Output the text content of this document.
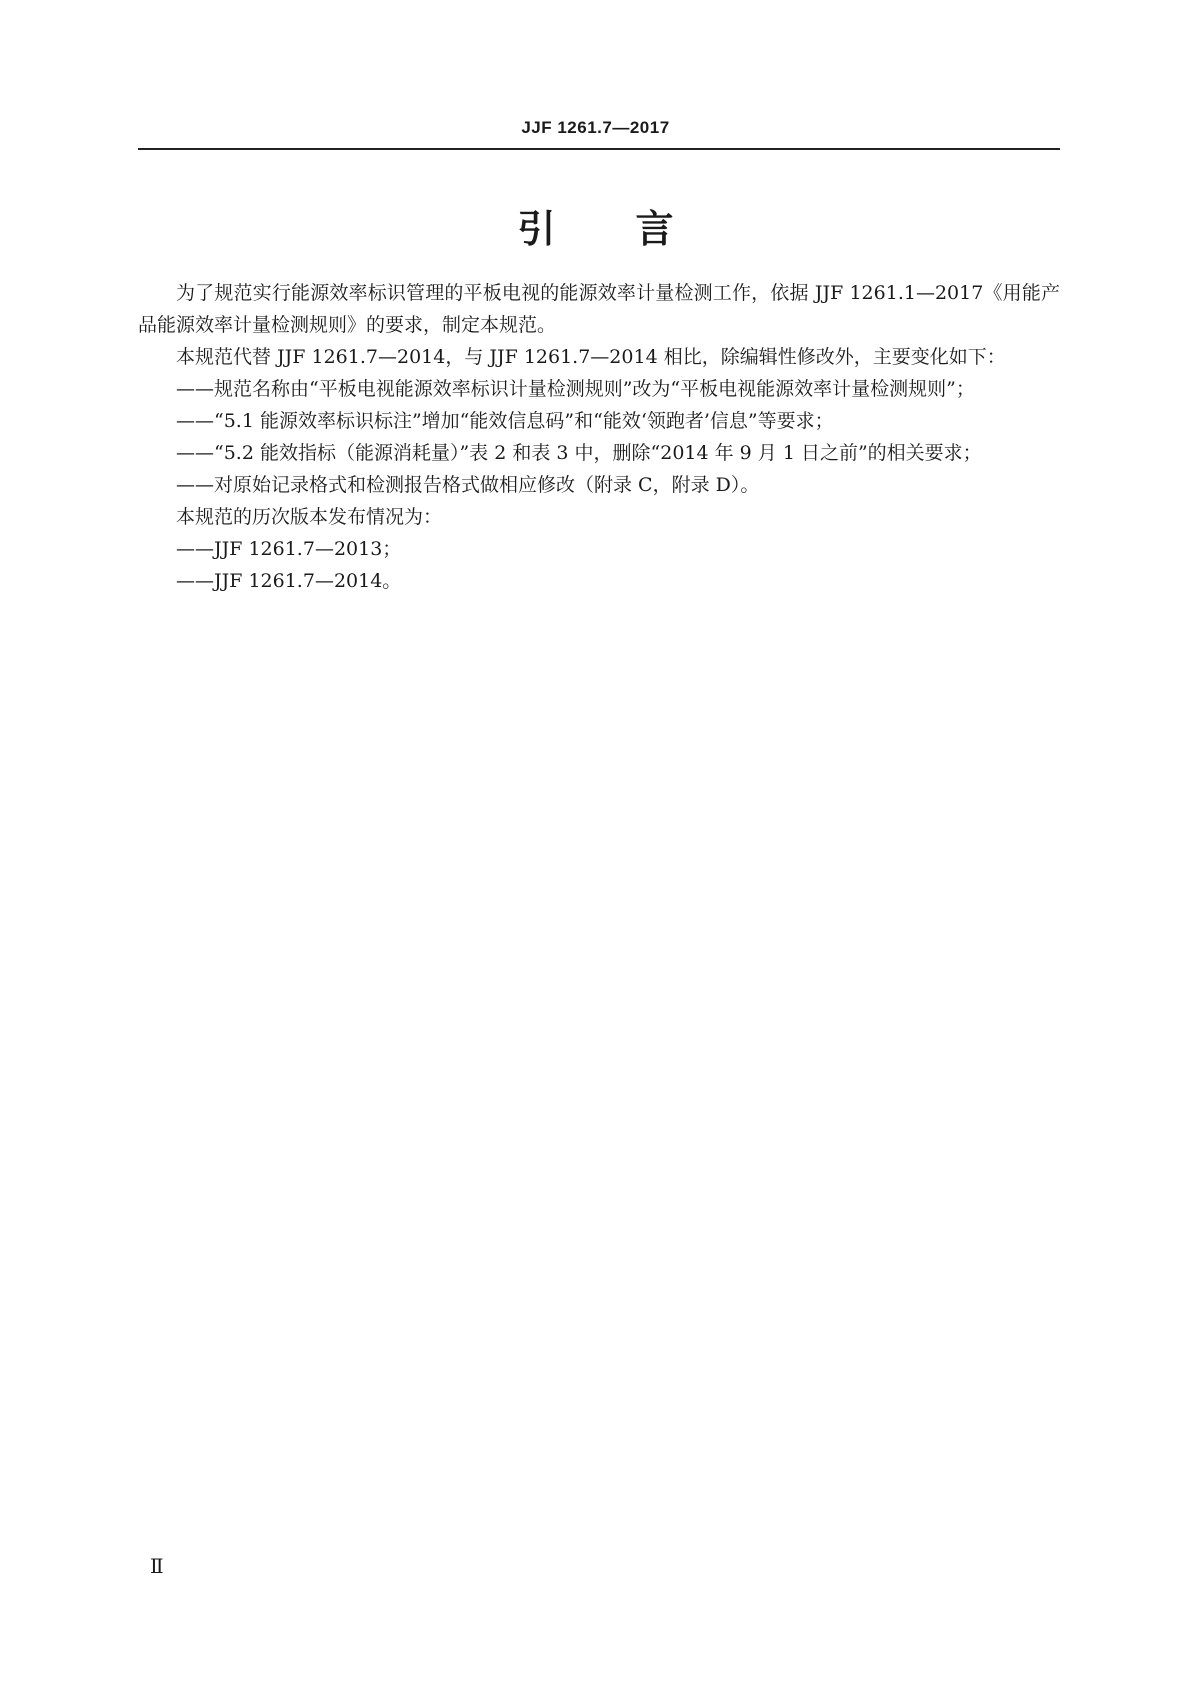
JJF 1261.7—2017
引言

为了规范实行能源效率标识管理的平板电视的能源效率计量检测工作，依据 JJF 1261.1—2017《用能产品能源效率计量检测规则》的要求，制定本规范。

本规范代替 JJF 1261.7—2014，与 JJF 1261.7—2014 相比，除编辑性修改外，主要变化如下：

——规范名称由“平板电视能源效率标识计量检测规则”改为“平板电视能源效率计量检测规则”；

——“5.1 能源效率标识标注”增加“能效信息码”和“能效‘领跑者’信息”等要求；

——“5.2 能效指标（能源消耗量）”表 2 和表 3 中，删除“2014 年 9 月 1 日之前”的相关要求；

——对原始记录格式和检测报告格式做相应修改（附录 C，附录 D）。

本规范的历次版本发布情况为：

——JJF 1261.7—2013；

——JJF 1261.7—2014。

Ⅱ
